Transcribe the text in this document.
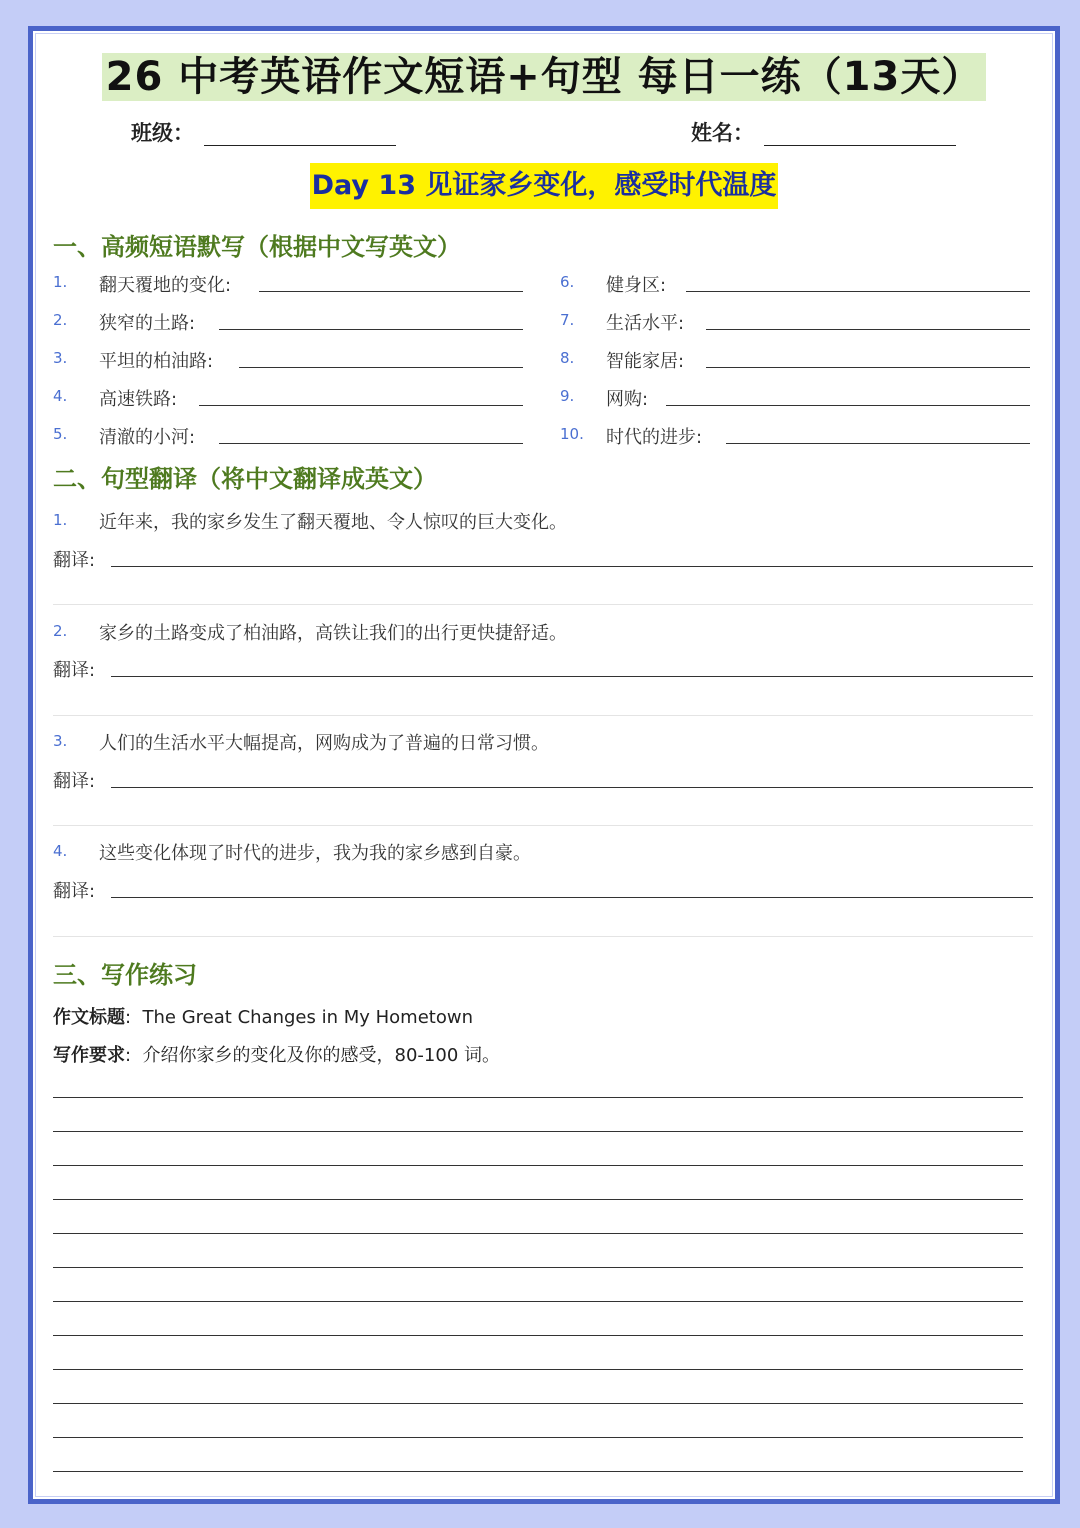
26 中考英语作文短语+句型 每日一练（13天）
班级：	姓名：
Day 13 见证家乡变化，感受时代温度
一、高频短语默写（根据中文写英文）
1. 翻天覆地的变化:
2. 狭窄的土路:
3. 平坦的柏油路:
4. 高速铁路:
5. 清澈的小河:
6. 健身区:
7. 生活水平:
8. 智能家居:
9. 网购:
10. 时代的进步:
二、句型翻译（将中文翻译成英文）
1. 近年来，我的家乡发生了翻天覆地、令人惊叹的巨大变化。
翻译:
2. 家乡的土路变成了柏油路，高铁让我们的出行更快捷舒适。
翻译:
3. 人们的生活水平大幅提高，网购成为了普遍的日常习惯。
翻译:
4. 这些变化体现了时代的进步，我为我的家乡感到自豪。
翻译:
三、写作练习
作文标题: The Great Changes in My Hometown
写作要求: 介绍你家乡的变化及你的感受，80-100 词。
